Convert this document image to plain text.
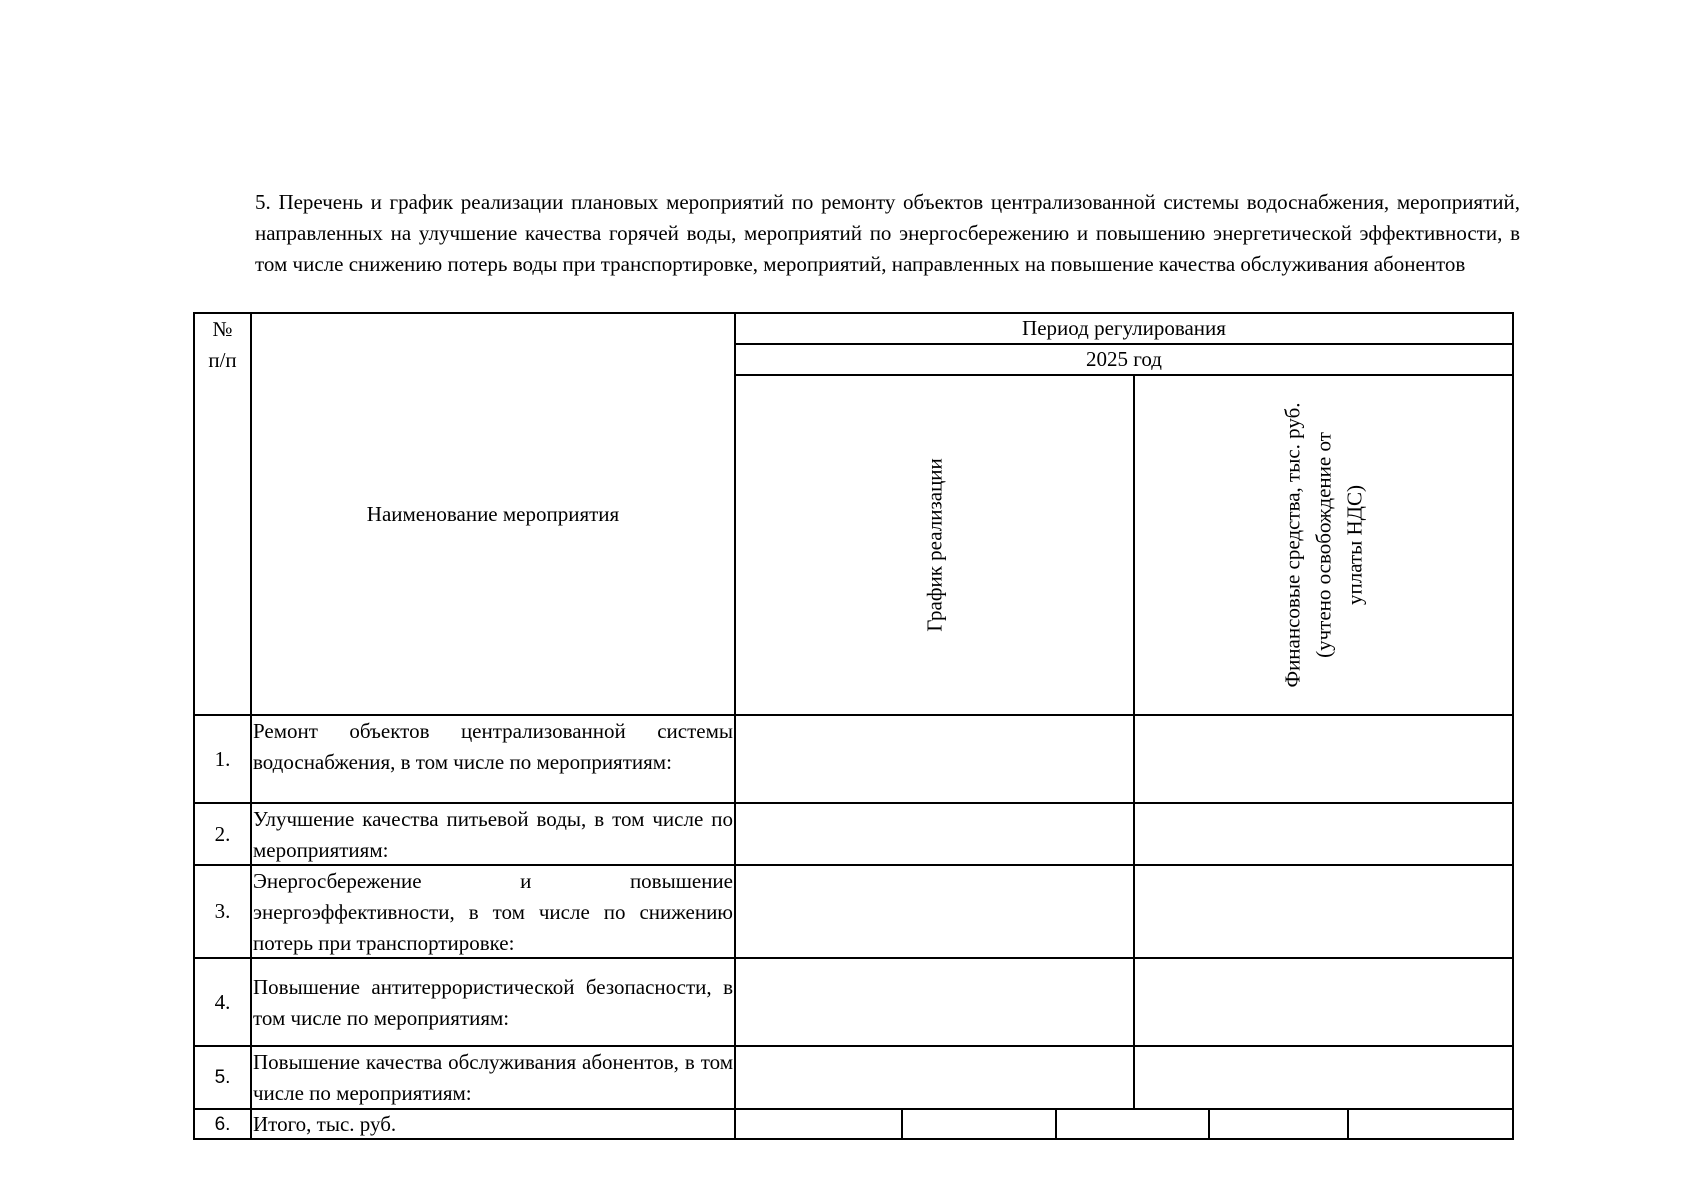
5. Перечень и график реализации плановых мероприятий по ремонту объектов централизованной системы водоснабжения, мероприятий, направленных на улучшение качества горячей воды, мероприятий по энергосбережению и повышению энергетической эффективности, в том числе снижению потерь воды при транспортировке, мероприятий, направленных на повышение качества обслуживания абонентов
№
п/п
Наименование мероприятия
Период регулирования
2025 год
График реализации	Финансовые средства, тыс. руб. (учтено освобождение от уплаты НДС)
1.
Ремонт объектов централизованной системы водоснабжения, в том числе по мероприятиям:
2.
Улучшение качества питьевой воды, в том числе по мероприятиям:
3.
Энергосбережение и повышение энергоэффективности, в том числе по снижению потерь при транспортировке:
4.
Повышение антитеррористической безопасности, в том числе по мероприятиям:
5.
Повышение качества обслуживания абонентов, в том числе по мероприятиям:
6.	Итого, тыс. руб.
